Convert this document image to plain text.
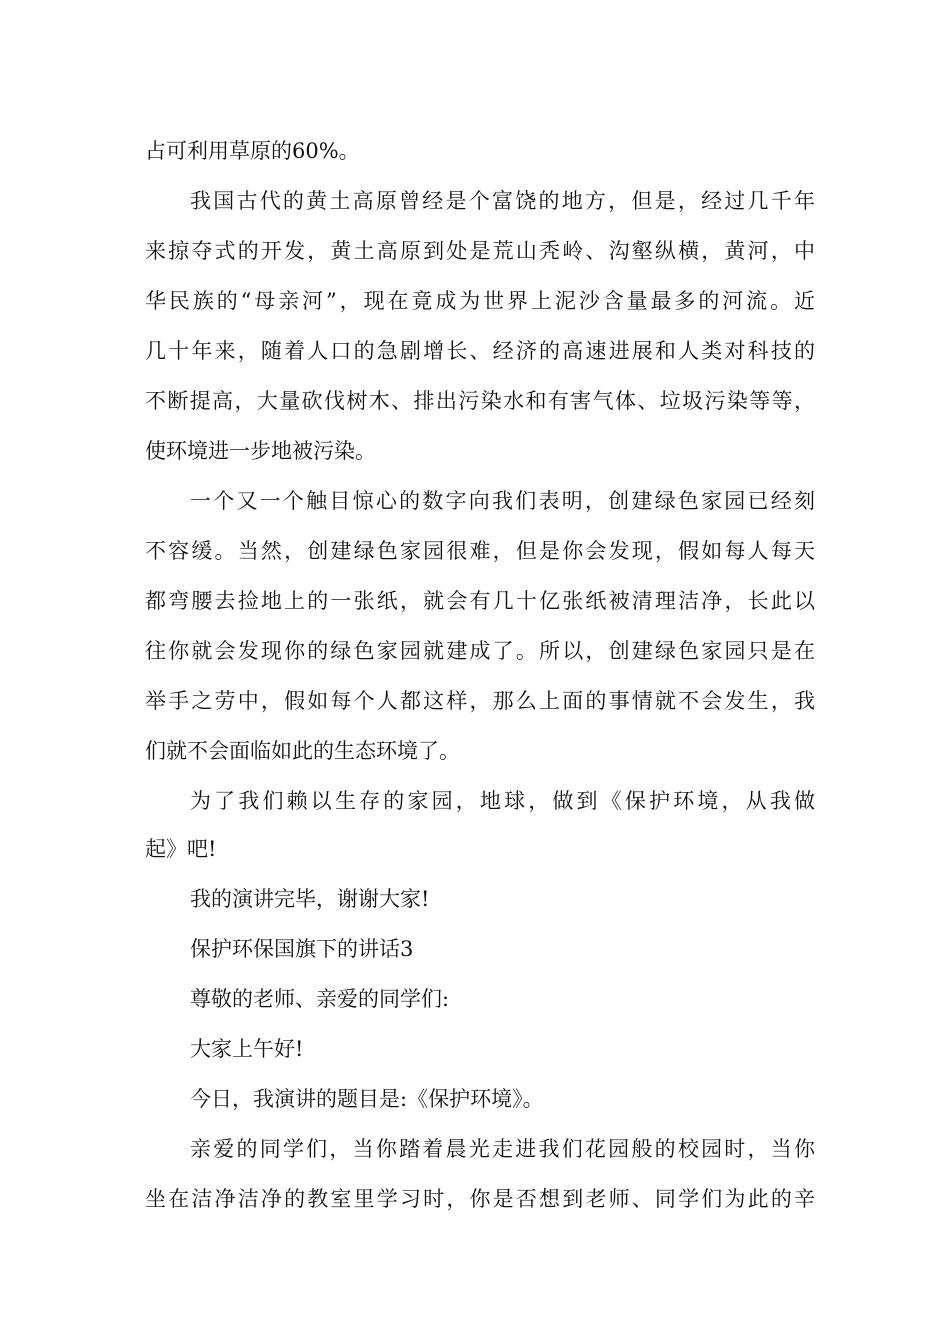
占可利用草原的60%。
我国古代的黄土高原曾经是个富饶的地方，但是，经过几千年
来掠夺式的开发，黄土高原到处是荒山秃岭、沟壑纵横，黄河，中
华民族的“母亲河”，现在竟成为世界上泥沙含量最多的河流。近
几十年来，随着人口的急剧增长、经济的高速进展和人类对科技的
不断提高，大量砍伐树木、排出污染水和有害气体、垃圾污染等等，
使环境进一步地被污染。
一个又一个触目惊心的数字向我们表明，创建绿色家园已经刻
不容缓。当然，创建绿色家园很难，但是你会发现，假如每人每天
都弯腰去捡地上的一张纸，就会有几十亿张纸被清理洁净，长此以
往你就会发现你的绿色家园就建成了。所以，创建绿色家园只是在
举手之劳中，假如每个人都这样，那么上面的事情就不会发生，我
们就不会面临如此的生态环境了。
为了我们赖以生存的家园，地球，做到《保护环境，从我做
起》吧!
我的演讲完毕，谢谢大家!
保护环保国旗下的讲话3
尊敬的老师、亲爱的同学们:
大家上午好!
今日，我演讲的题目是:《保护环境》。
亲爱的同学们，当你踏着晨光走进我们花园般的校园时，当你
坐在洁净洁净的教室里学习时，你是否想到老师、同学们为此的辛
